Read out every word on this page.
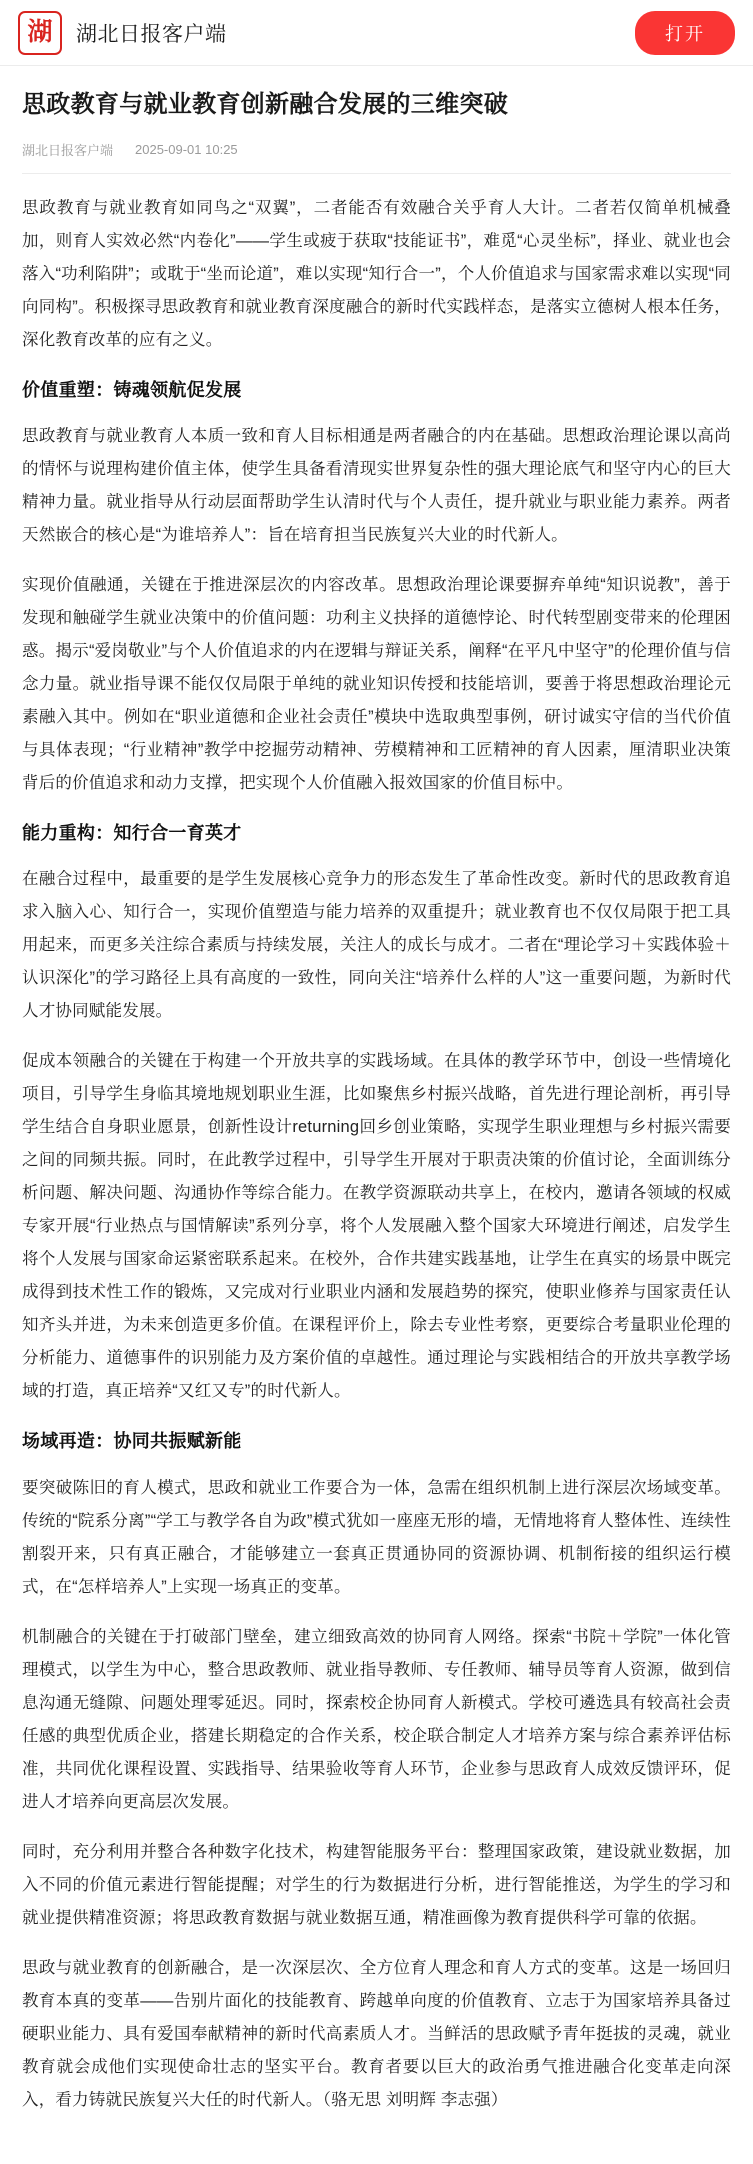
湖 湖北日报客户端	打开
思政教育与就业教育创新融合发展的三维突破
湖北日报客户端 2025-09-01 10:25

思政教育与就业教育如同鸟之“双翼”，二者能否有效融合关乎育人大计。二者若仅简单机械叠加，则育人实效必然“内卷化”——学生或疲于获取“技能证书”，难觅“心灵坐标”，择业、就业也会落入“功利陷阱”；或耽于“坐而论道”，难以实现“知行合一”，个人价值追求与国家需求难以实现“同向同构”。积极探寻思政教育和就业教育深度融合的新时代实践样态，是落实立德树人根本任务，深化教育改革的应有之义。

价值重塑：铸魂领航促发展

思政教育与就业教育人本质一致和育人目标相通是两者融合的内在基础。思想政治理论课以高尚的情怀与说理构建价值主体，使学生具备看清现实世界复杂性的强大理论底气和坚守内心的巨大精神力量。就业指导从行动层面帮助学生认清时代与个人责任，提升就业与职业能力素养。两者天然嵌合的核心是“为谁培养人”：旨在培育担当民族复兴大业的时代新人。

实现价值融通，关键在于推进深层次的内容改革。思想政治理论课要摒弃单纯“知识说教”，善于发现和触碰学生就业决策中的价值问题：功利主义抉择的道德悖论、时代转型剧变带来的伦理困惑。揭示“爱岗敬业”与个人价值追求的内在逻辑与辩证关系，阐释“在平凡中坚守”的伦理价值与信念力量。就业指导课不能仅仅局限于单纯的就业知识传授和技能培训，要善于将思想政治理论元素融入其中。例如在“职业道德和企业社会责任”模块中选取典型事例，研讨诚实守信的当代价值与具体表现；“行业精神”教学中挖掘劳动精神、劳模精神和工匠精神的育人因素，厘清职业决策背后的价值追求和动力支撑，把实现个人价值融入报效国家的价值目标中。

能力重构：知行合一育英才

在融合过程中，最重要的是学生发展核心竞争力的形态发生了革命性改变。新时代的思政教育追求入脑入心、知行合一，实现价值塑造与能力培养的双重提升；就业教育也不仅仅局限于把工具用起来，而更多关注综合素质与持续发展，关注人的成长与成才。二者在“理论学习＋实践体验＋认识深化”的学习路径上具有高度的一致性，同向关注“培养什么样的人”这一重要问题，为新时代人才协同赋能发展。

促成本领融合的关键在于构建一个开放共享的实践场域。在具体的教学环节中，创设一些情境化项目，引导学生身临其境地规划职业生涯，比如聚焦乡村振兴战略，首先进行理论剖析，再引导学生结合自身职业愿景，创新性设计returning回乡创业策略，实现学生职业理想与乡村振兴需要之间的同频共振。同时，在此教学过程中，引导学生开展对于职责决策的价值讨论，全面训练分析问题、解决问题、沟通协作等综合能力。在教学资源联动共享上，在校内，邀请各领域的权威专家开展“行业热点与国情解读”系列分享，将个人发展融入整个国家大环境进行阐述，启发学生将个人发展与国家命运紧密联系起来。在校外，合作共建实践基地，让学生在真实的场景中既完成得到技术性工作的锻炼，又完成对行业职业内涵和发展趋势的探究，使职业修养与国家责任认知齐头并进，为未来创造更多价值。在课程评价上，除去专业性考察，更要综合考量职业伦理的分析能力、道德事件的识别能力及方案价值的卓越性。通过理论与实践相结合的开放共享教学场域的打造，真正培养“又红又专”的时代新人。

场域再造：协同共振赋新能

要突破陈旧的育人模式，思政和就业工作要合为一体，急需在组织机制上进行深层次场域变革。传统的“院系分离”“学工与教学各自为政”模式犹如一座座无形的墙，无情地将育人整体性、连续性割裂开来，只有真正融合，才能够建立一套真正贯通协同的资源协调、机制衔接的组织运行模式，在“怎样培养人”上实现一场真正的变革。

机制融合的关键在于打破部门壁垒，建立细致高效的协同育人网络。探索“书院＋学院”一体化管理模式，以学生为中心，整合思政教师、就业指导教师、专任教师、辅导员等育人资源，做到信息沟通无缝隙、问题处理零延迟。同时，探索校企协同育人新模式。学校可遴选具有较高社会责任感的典型优质企业，搭建长期稳定的合作关系，校企联合制定人才培养方案与综合素养评估标准，共同优化课程设置、实践指导、结果验收等育人环节，企业参与思政育人成效反馈评环，促进人才培养向更高层次发展。

同时，充分利用并整合各种数字化技术，构建智能服务平台：整理国家政策，建设就业数据，加入不同的价值元素进行智能提醒；对学生的行为数据进行分析，进行智能推送，为学生的学习和就业提供精准资源；将思政教育数据与就业数据互通，精准画像为教育提供科学可靠的依据。

思政与就业教育的创新融合，是一次深层次、全方位育人理念和育人方式的变革。这是一场回归教育本真的变革——告别片面化的技能教育、跨越单向度的价值教育、立志于为国家培养具备过硬职业能力、具有爱国奉献精神的新时代高素质人才。当鲜活的思政赋予青年挺拔的灵魂，就业教育就会成他们实现使命壮志的坚实平台。教育者要以巨大的政治勇气推进融合化变革走向深入，看力铸就民族复兴大任的时代新人。（骆无思 刘明辉 李志强）
